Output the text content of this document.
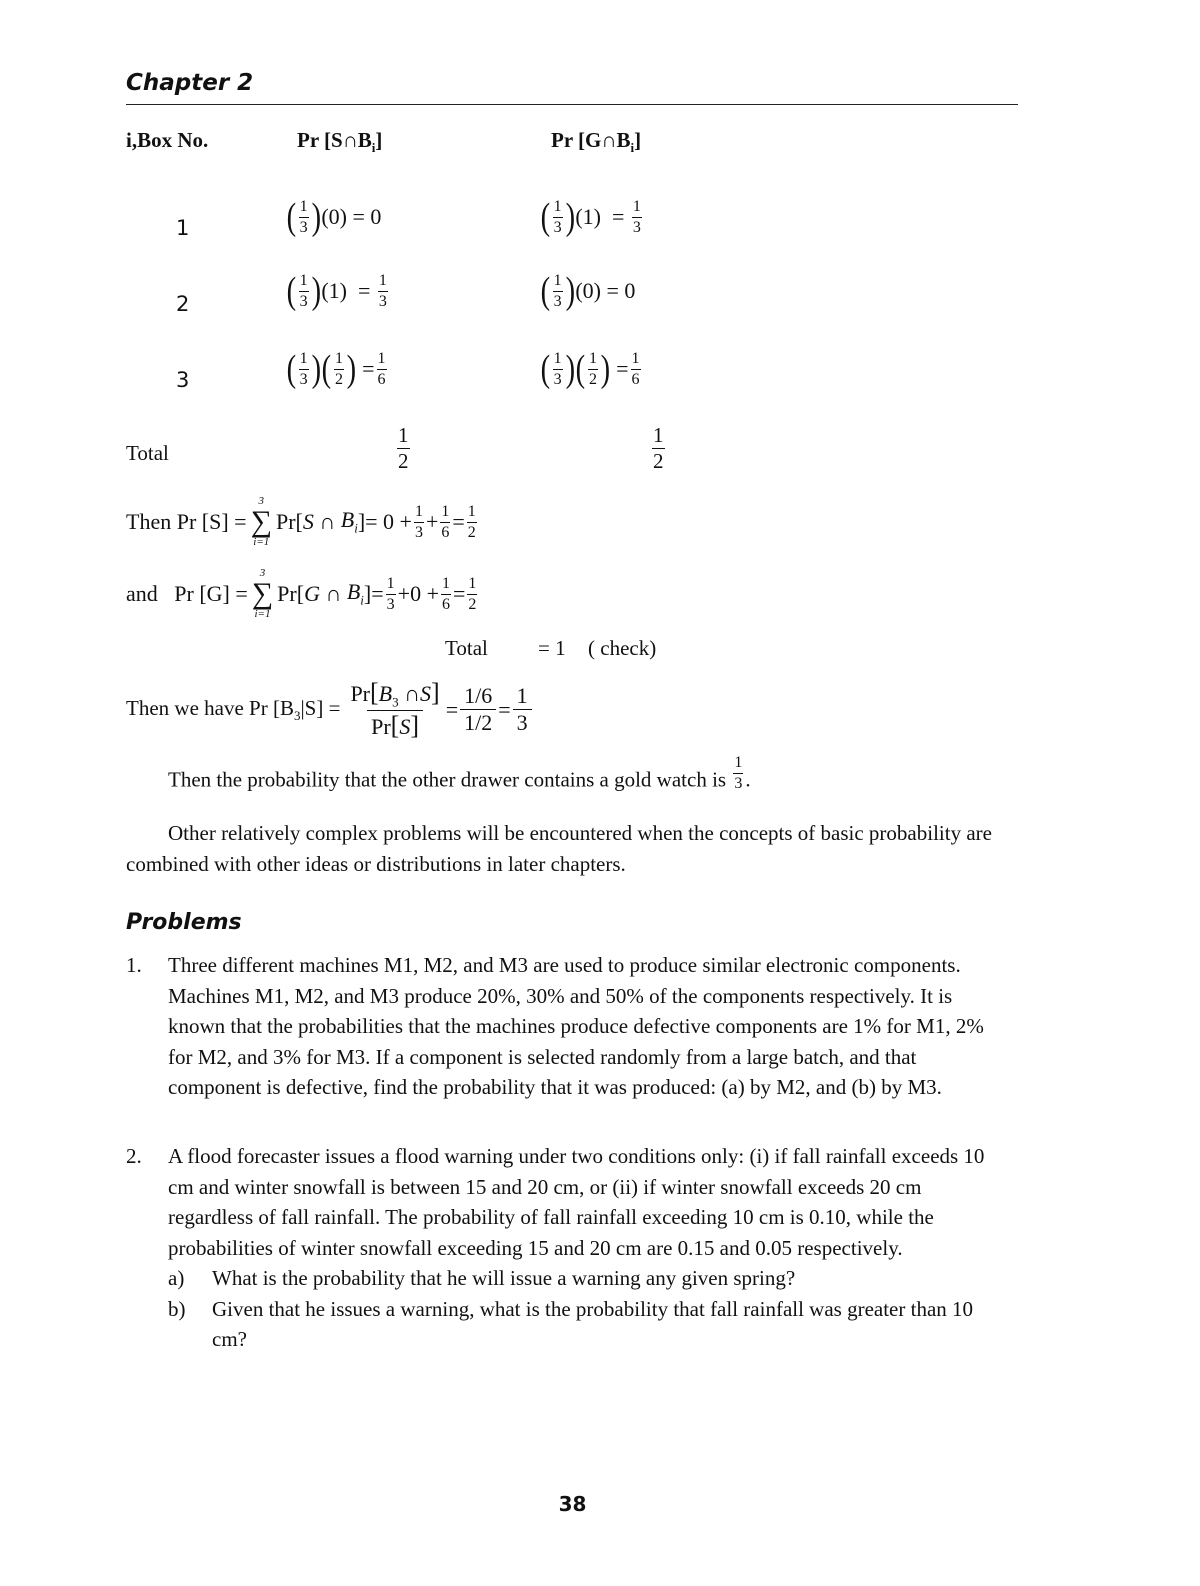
Chapter 2
i,Box No.	Pr $[S\cap B_i]$	Pr $[G\cap B_i]$
1	( $\frac{1}{3}$ ) (0) = 0	( $\frac{1}{3}$ ) $(1) = \frac{1}{3}$
2	( $\frac{1}{3}$ ) $(1) = \frac{1}{3}$	( $\frac{1}{3}$ ) (0) = 0
3	( $\frac{1}{3}$ ) ( $\frac{1}{2}$ ) = $\frac{1}{6}$	( $\frac{1}{3}$ ) ( $\frac{1}{2}$ ) = $\frac{1}{6}$
Total	$\frac{1}{2}$	$\frac{1}{2}$
Then Pr [S] =
3
∑
i=1
Pr[ S ∩ $B_i$ ]= $0 + \frac{1}{3} + \frac{1}{6} = \frac{1}{2}$
and   Pr [G] =
3
∑
i=1
Pr[ G ∩ $B_i$ ]= $\frac{1}{3} +0 + \frac{1}{6} = \frac{1}{2}$
Total = 1 ( check)
Then we have Pr $[B_3|S] = \frac{Pr[B_3 \cap S]}{Pr[S]} = \frac{1/6}{1/2} = \frac{1}{3}$
Then the probability that the other drawer contains a gold watch is $\frac{1}{3}$ .
Other relatively complex problems will be encountered when the concepts of basic probability are combined with other ideas or distributions in later chapters.
Problems
1. Three different machines M1, M2, and M3 are used to produce similar electronic components. Machines M1, M2, and M3 produce 20%, 30% and 50% of the components respectively. It is known that the probabilities that the machines produce defective components are 1% for M1, 2% for M2, and 3% for M3. If a component is selected randomly from a large batch, and that component is defective, find the probability that it was produced: (a) by M2, and (b) by M3.
2. A flood forecaster issues a flood warning under two conditions only: (i) if fall rainfall exceeds 10 cm and winter snowfall is between 15 and 20 cm, or (ii) if winter snowfall exceeds 20 cm regardless of fall rainfall. The probability of fall rainfall exceeding 10 cm is 0.10, while the probabilities of winter snowfall exceeding 15 and 20 cm are 0.15 and 0.05 respectively.
a) What is the probability that he will issue a warning any given spring?
b) Given that he issues a warning, what is the probability that fall rainfall was greater than 10 cm?
38
